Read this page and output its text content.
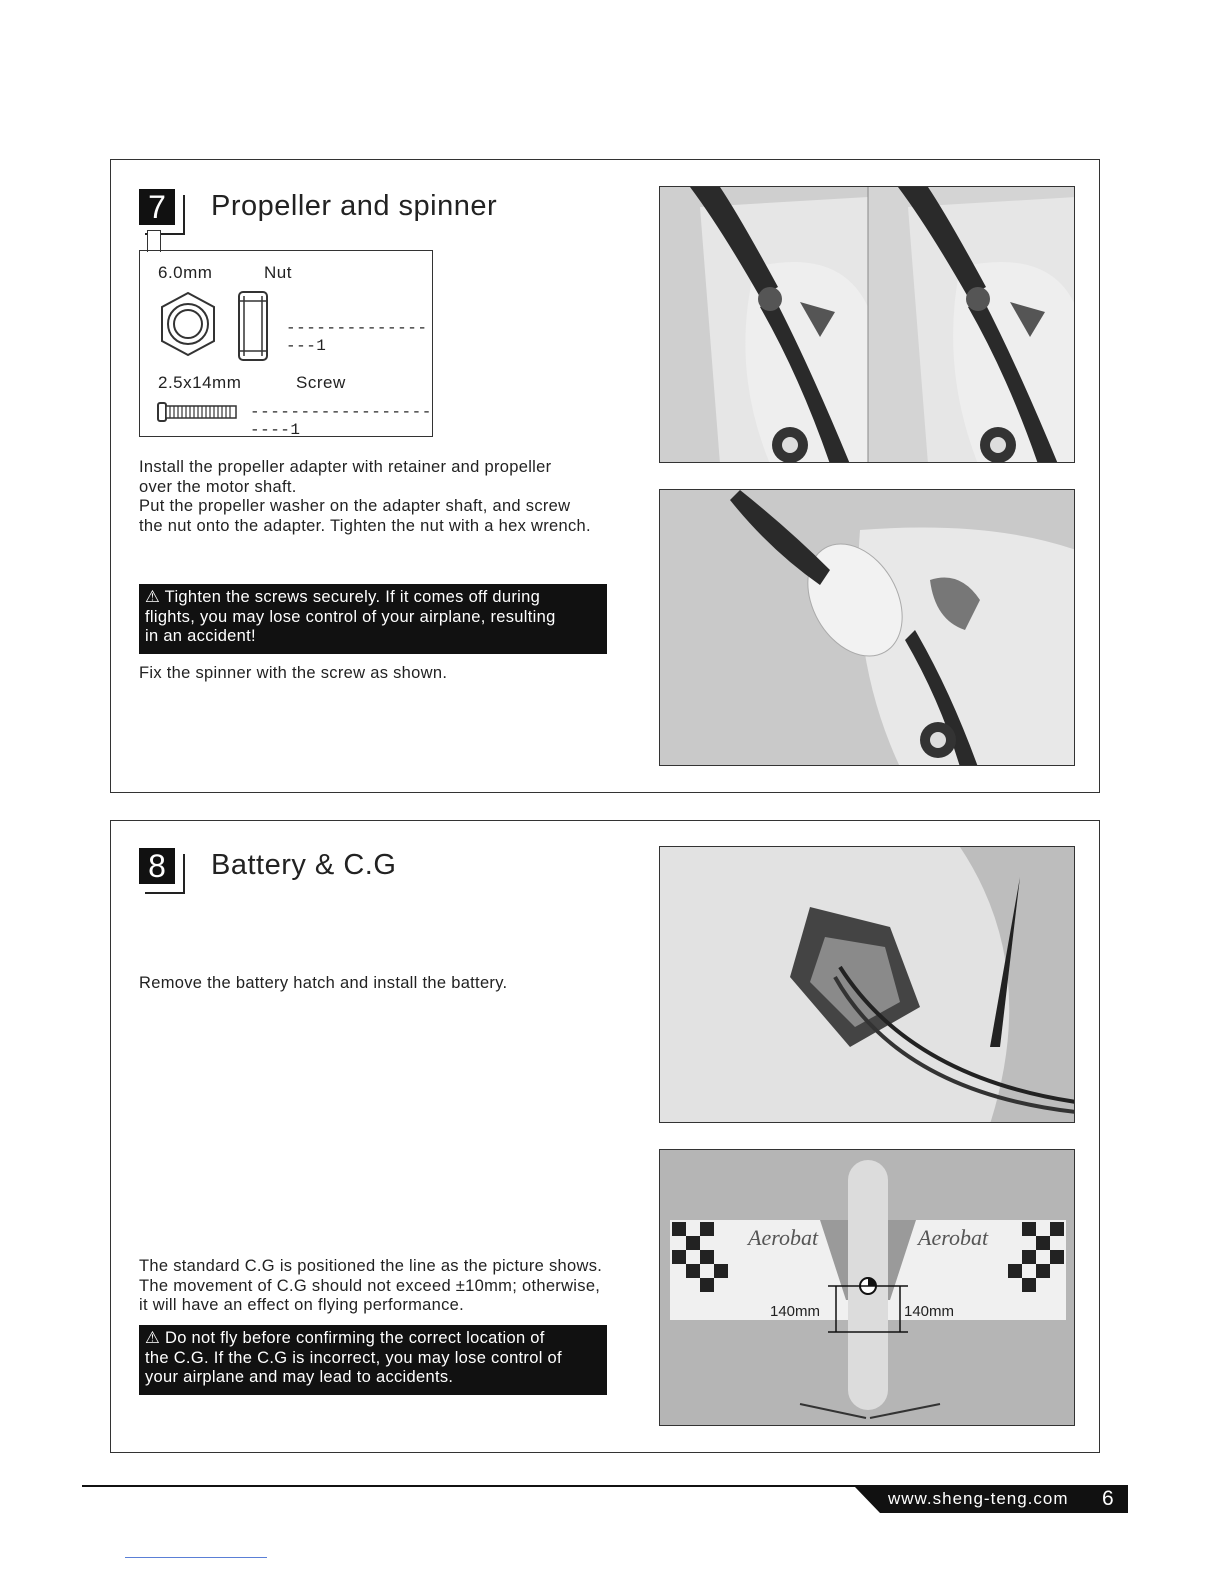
7	Propeller and spinner
6.0mm	Nut
-----------------1
2.5x14mm	Screw
----------------------1
Install the propeller adapter with retainer and propeller
over the motor shaft.
Put the propeller washer on the adapter shaft, and screw
the nut onto the adapter. Tighten the nut with a hex wrench.
⚠ Tighten the screws securely. If it comes off during
flights, you may lose control of your airplane, resulting
in an accident!
Fix the spinner with the screw as shown.
8	Battery & C.G
Remove the battery hatch and install the battery.
The standard C.G is positioned the line as the picture shows.
The movement of C.G should not exceed ±10mm; otherwise,
it will have an effect on flying performance.
⚠ Do not fly before confirming the correct location of
the C.G. If the C.G is incorrect, you may lose control of
your airplane and may lead to accidents.
Aerobat	Aerobat
140mm	140mm
www.sheng-teng.com 6
